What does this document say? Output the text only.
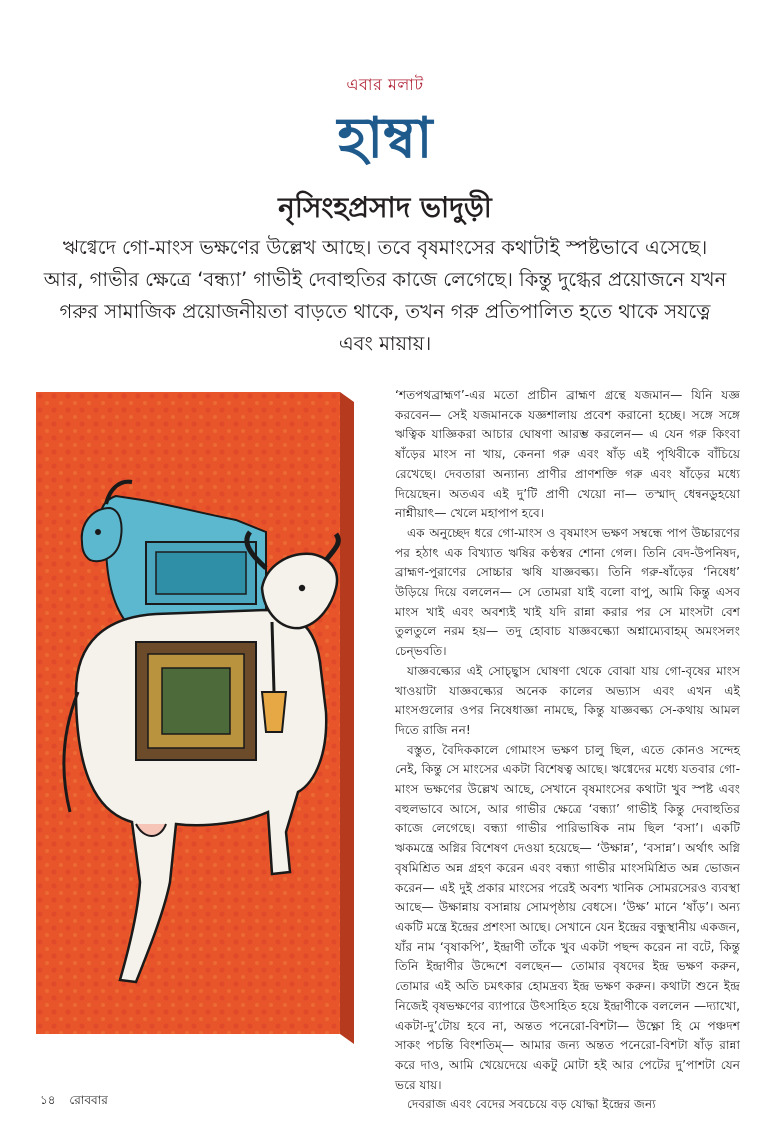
এবার মলাট
হাম্বা
নৃসিংহপ্রসাদ ভাদুড়ী
ঋগ্বেদে গো-মাংস ভক্ষণের উল্লেখ আছে। তবে বৃষমাংসের কথাটাই স্পষ্টভাবে এসেছে। আর, গাভীর ক্ষেত্রে ‘বন্ধ্যা’ গাভীই দেবাহুতির কাজে লেগেছে। কিন্তু দুগ্ধের প্রয়োজনে যখন গরুর সামাজিক প্রয়োজনীয়তা বাড়তে থাকে, তখন গরু প্রতিপালিত হতে থাকে সযত্নে এবং মায়ায়।

‘শতপথব্রাহ্মণ’-এর মতো প্রাচীন ব্রাহ্মণ গ্রন্থে যজমান— যিনি যজ্ঞ করবেন— সেই যজমানকে যজ্ঞশালায় প্রবেশ করানো হচ্ছে। সঙ্গে সঙ্গে ঋত্বিক যাজ্ঞিকরা আচার ঘোষণা আরম্ভ করলেন— এ যেন গরু কিংবা ষাঁড়ের মাংস না খায়, কেননা গরু এবং ষাঁড় এই পৃথিবীকে বাঁচিয়ে রেখেছে। দেবতারা অন্যান্য প্রাণীর প্রাণশক্তি গরু এবং ষাঁড়ের মধ্যে দিয়েছেন। অতএব এই দু’টি প্রাণী খেয়ো না— তস্মাদ্ ধেন্বনডুহয়ো নাশ্নীয়াৎ— খেলে মহাপাপ হবে।

এক অনুচ্ছেদ ধরে গো-মাংস ও বৃষমাংস ভক্ষণ সম্বন্ধে পাপ উচ্চারণের পর হঠাৎ এক বিখ্যাত ঋষির কণ্ঠস্বর শোনা গেল। তিনি বেদ-উপনিষদ, ব্রাহ্মণ-পুরাণের সোচ্চার ঋষি যাজ্ঞবল্ক্য। তিনি গরু-ষাঁড়ের ‘নিষেধ’ উড়িয়ে দিয়ে বললেন— সে তোমরা যাই বলো বাপু, আমি কিন্তু এসব মাংস খাই এবং অবশ্যই খাই যদি রান্না করার পর সে মাংসটা বেশ তুলতুলে নরম হয়— তদু হোবাচ যাজ্ঞবল্ক্যো অশ্নাম্যেবাহম্ অমংসলং চেন্ভবতি।

যাজ্ঞবল্ক্যের এই সোচ্ছ্বাস ঘোষণা থেকে বোঝা যায় গো-বৃষের মাংস খাওয়াটা যাজ্ঞবল্ক্যের অনেক কালের অভ্যাস এবং এখন এই মাংসগুলোর ওপর নিষেধাজ্ঞা নামছে, কিন্তু যাজ্ঞবল্ক্য সে-কথায় আমল দিতে রাজি নন!

বস্তুত, বৈদিককালে গোমাংস ভক্ষণ চালু ছিল, এতে কোনও সন্দেহ নেই, কিন্তু সে মাংসের একটা বিশেষত্ব আছে। ঋগ্বেদের মধ্যে যতবার গো-মাংস ভক্ষণের উল্লেখ আছে, সেখানে বৃষমাংসের কথাটা খুব স্পষ্ট এবং বহুলভাবে আসে, আর গাভীর ক্ষেত্রে ‘বন্ধ্যা’ গাভীই কিন্তু দেবাহুতির কাজে লেগেছে। বন্ধ্যা গাভীর পারিভাষিক নাম ছিল ‘বসা’। একটি ঋকমন্ত্রে অগ্নির বিশেষণ দেওয়া হয়েছে— ‘উক্ষান্ন’, ‘বসান্ন’। অর্থাৎ অগ্নি বৃষমিশ্রিত অন্ন গ্রহণ করেন এবং বন্ধ্যা গাভীর মাংসমিশ্রিত অন্ন ভোজন করেন— এই দুই প্রকার মাংসের পরেই অবশ্য খানিক সোমরসেরও ব্যবস্থা আছে— উক্ষান্নায় বসান্নায় সোমপৃষ্ঠায় বেধসে। ‘উক্ষ’ মানে ‘ষাঁড়’। অন্য একটি মন্ত্রে ইন্দ্রের প্রশংসা আছে। সেখানে যেন ইন্দ্রের বন্ধুস্থানীয় একজন, যাঁর নাম ‘বৃষাকপি’, ইন্দ্রাণী তাঁকে খুব একটা পছন্দ করেন না বটে, কিন্তু তিনি ইন্দ্রাণীর উদ্দেশে বলছেন— তোমার বৃষদের ইন্দ্র ভক্ষণ করুন, তোমার এই অতি চমৎকার হোমদ্রব্য ইন্দ্র ভক্ষণ করুন। কথাটা শুনে ইন্দ্র নিজেই বৃষভক্ষণের ব্যাপারে উৎসাহিত হয়ে ইন্দ্রাণীকে বললেন —দ্যাখো, একটা-দু’টোয় হবে না, অন্তত পনেরো-বিশটা— উক্ষ্ণো হি মে পঞ্চদশ সাকং পচন্তি বিংশতিম্— আমার জন্য অন্তত পনেরো-বিশটা ষাঁড় রান্না করে দাও, আমি খেয়েদেয়ে একটু মোটা হই আর পেটের দু’পাশটা যেন ভরে যায়।

দেবরাজ এবং বেদের সবচেয়ে বড় যোদ্ধা ইন্দ্রের জন্য

১৪ রোববার
